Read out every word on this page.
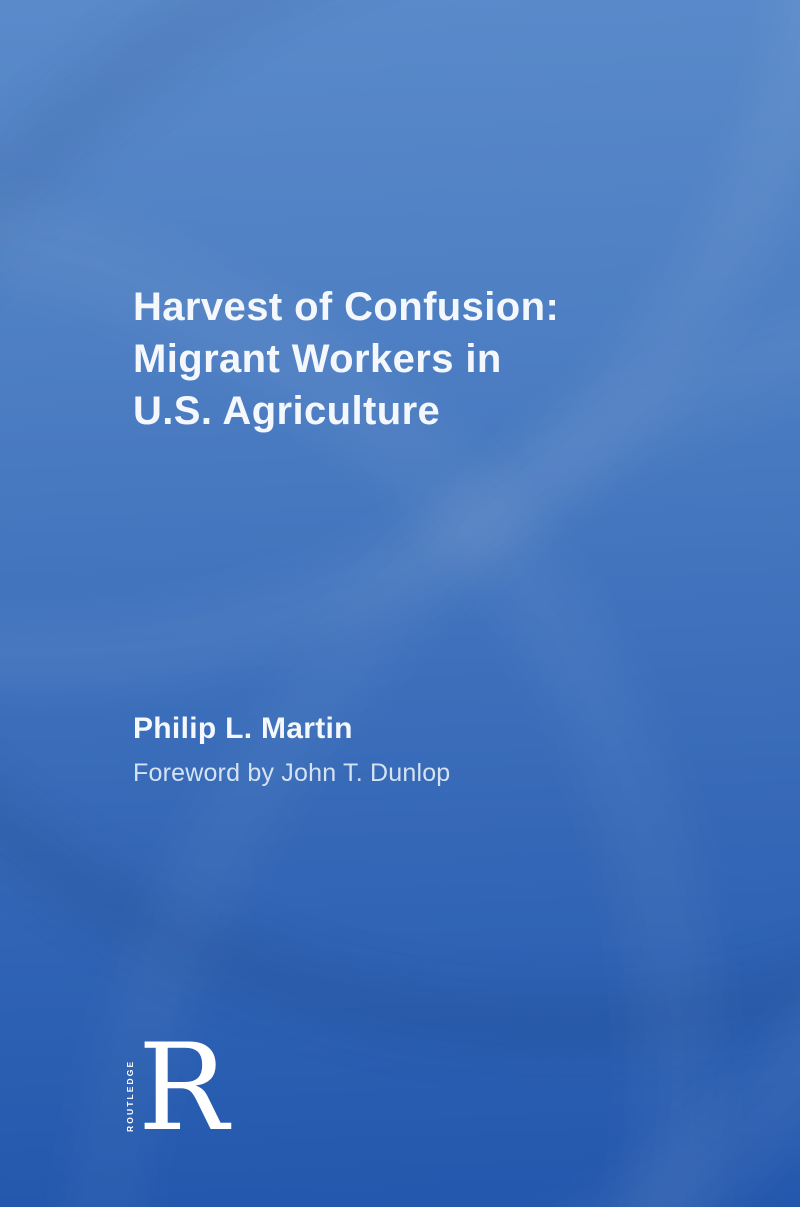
Harvest of Confusion:
Migrant Workers in
U.S. Agriculture
Philip L. Martin
Foreword by John T. Dunlop
ROUTLEDGE R
